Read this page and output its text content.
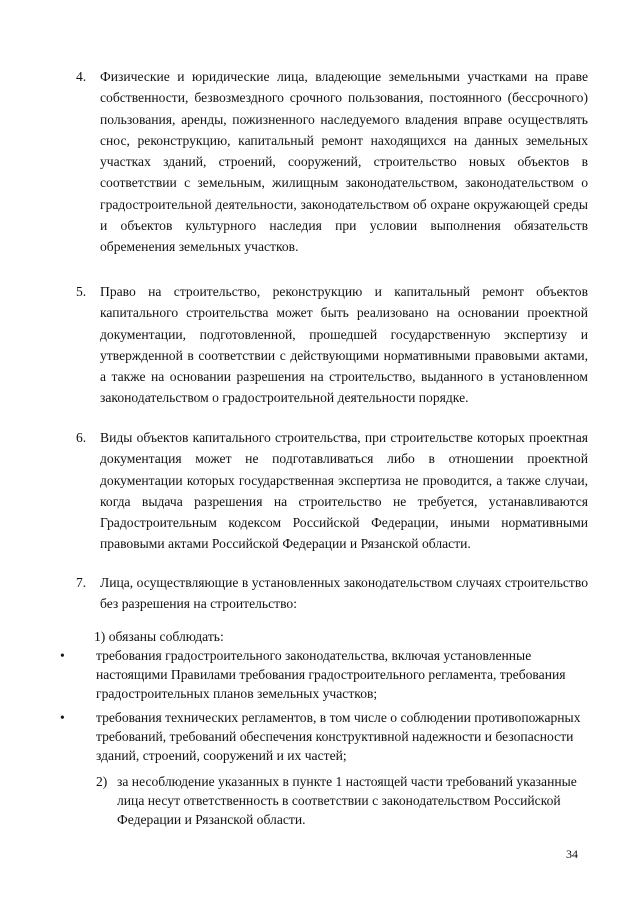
4.	Физические и юридические лица, владеющие земельными участками на праве собственности, безвозмездного срочного пользования, постоянного (бессрочного) пользования, аренды, пожизненного наследуемого владения вправе осуществлять снос, реконструкцию, капитальный ремонт находящихся на данных земельных участках зданий, строений, сооружений, строительство новых объектов в соответствии с земельным, жилищным законодательством, законодательством о градостроительной деятельности, законодательством об охране окружающей среды и объектов культурного наследия при условии выполнения обязательств обременения земельных участков.
5.	Право на строительство, реконструкцию и капитальный ремонт объектов капитального строительства может быть реализовано на основании проектной документации, подготовленной, прошедшей государственную экспертизу и утвержденной в соответствии с действующими нормативными правовыми актами, а также на основании разрешения на строительство, выданного в установленном законодательством о градостроительной деятельности порядке.
6.	Виды объектов капитального строительства, при строительстве которых проектная документация может не подготавливаться либо в отношении проектной документации которых государственная экспертиза не проводится, а также случаи, когда выдача разрешения на строительство не требуется, устанавливаются Градостроительным кодексом Российской Федерации, иными нормативными правовыми актами Российской Федерации и Рязанской области.
7.	Лица, осуществляющие в установленных законодательством случаях строительство без разрешения на строительство:
1) обязаны соблюдать:
•	требования градостроительного законодательства, включая установленные настоящими Правилами требования градостроительного регламента, требования градостроительных планов земельных участков;
•	требования технических регламентов, в том числе о соблюдении противопожарных требований, требований обеспечения конструктивной надежности и безопасности зданий, строений, сооружений и их частей;
2) за несоблюдение указанных в пункте 1 настоящей части требований указанные лица несут ответственность в соответствии с законодательством Российской Федерации и Рязанской области.
34
